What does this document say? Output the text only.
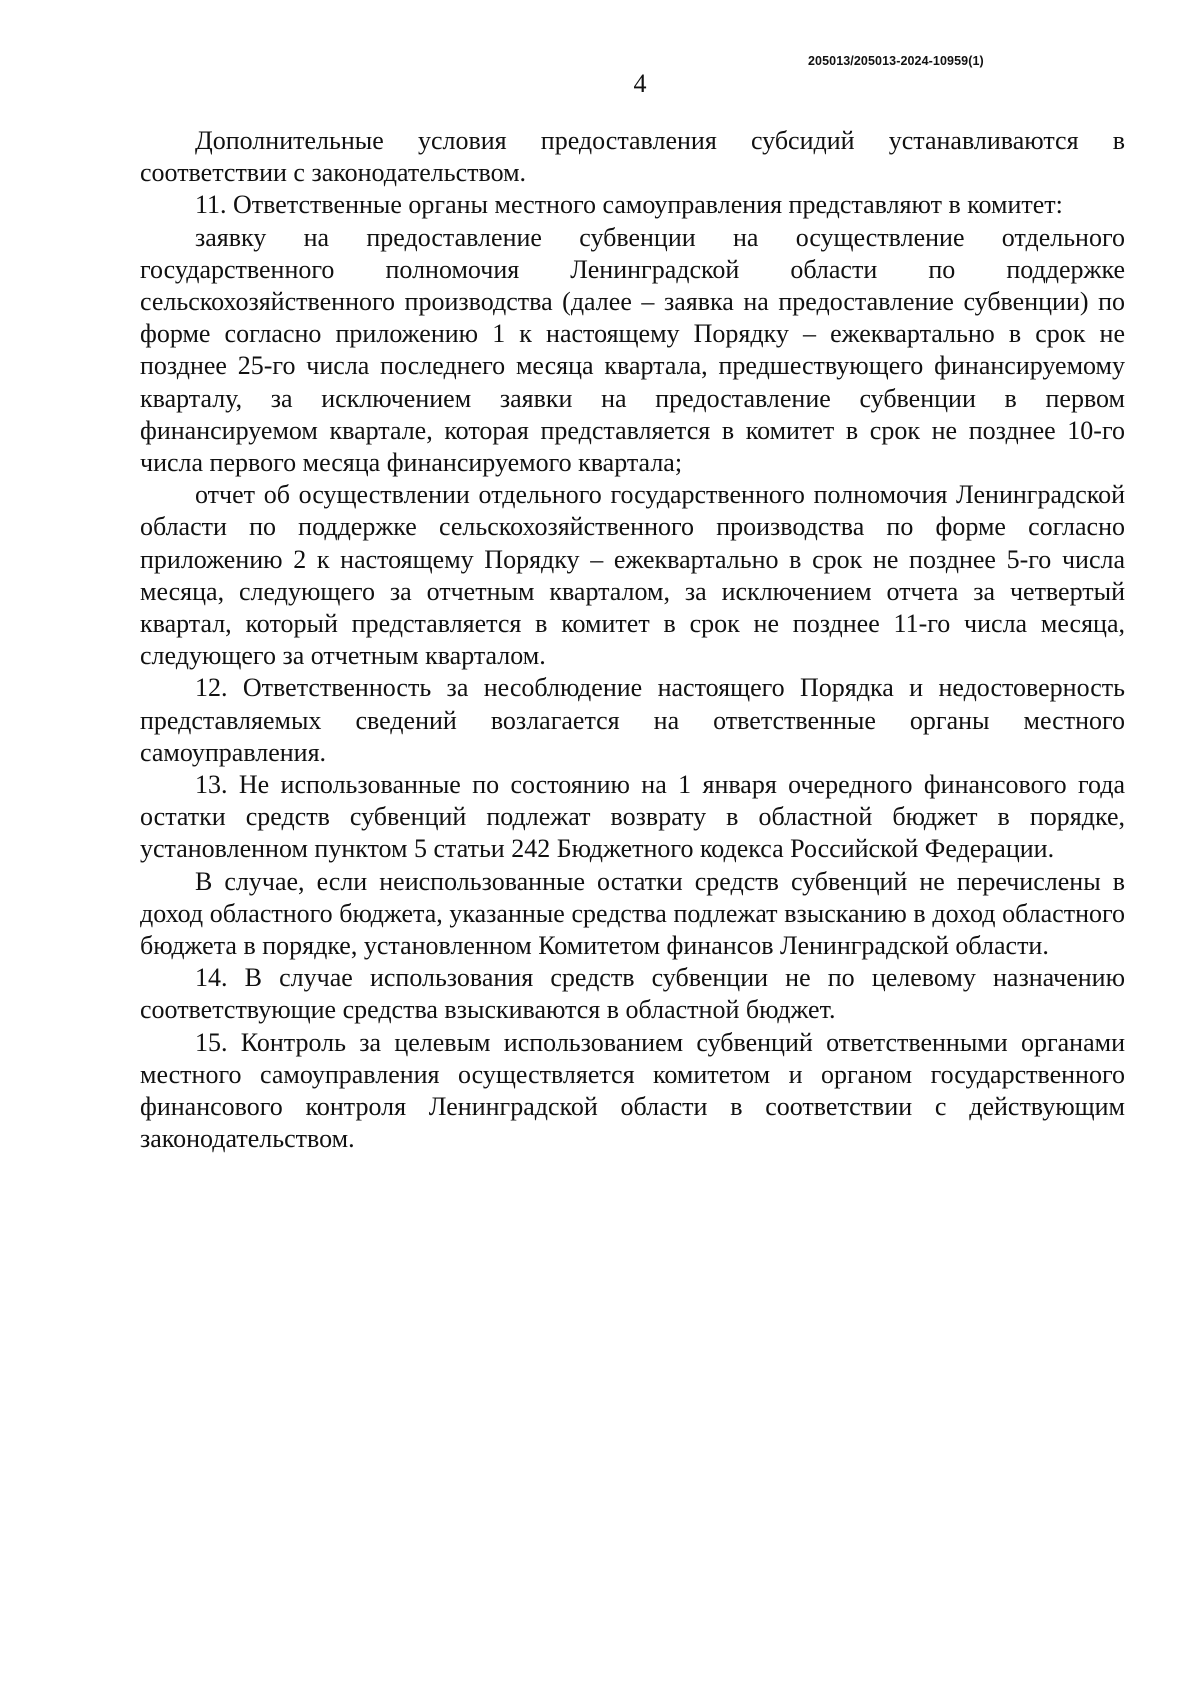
205013/205013-2024-10959(1)
4

Дополнительные условия предоставления субсидий устанавливаются в соответствии с законодательством.

11. Ответственные органы местного самоуправления представляют в комитет:

заявку на предоставление субвенции на осуществление отдельного государственного полномочия Ленинградской области по поддержке сельскохозяйственного производства (далее – заявка на предоставление субвенции) по форме согласно приложению 1 к настоящему Порядку – ежеквартально в срок не позднее 25-го числа последнего месяца квартала, предшествующего финансируемому кварталу, за исключением заявки на предоставление субвенции в первом финансируемом квартале, которая представляется в комитет в срок не позднее 10-го числа первого месяца финансируемого квартала;

отчет об осуществлении отдельного государственного полномочия Ленинградской области по поддержке сельскохозяйственного производства по форме согласно приложению 2 к настоящему Порядку – ежеквартально в срок не позднее 5-го числа месяца, следующего за отчетным кварталом, за исключением отчета за четвертый квартал, который представляется в комитет в срок не позднее 11-го числа месяца, следующего за отчетным кварталом.

12. Ответственность за несоблюдение настоящего Порядка и недостоверность представляемых сведений возлагается на ответственные органы местного самоуправления.

13. Не использованные по состоянию на 1 января очередного финансового года остатки средств субвенций подлежат возврату в областной бюджет в порядке, установленном пунктом 5 статьи 242 Бюджетного кодекса Российской Федерации.

В случае, если неиспользованные остатки средств субвенций не перечислены в доход областного бюджета, указанные средства подлежат взысканию в доход областного бюджета в порядке, установленном Комитетом финансов Ленинградской области.

14. В случае использования средств субвенции не по целевому назначению соответствующие средства взыскиваются в областной бюджет.

15. Контроль за целевым использованием субвенций ответственными органами местного самоуправления осуществляется комитетом и органом государственного финансового контроля Ленинградской области в соответствии с действующим законодательством.
